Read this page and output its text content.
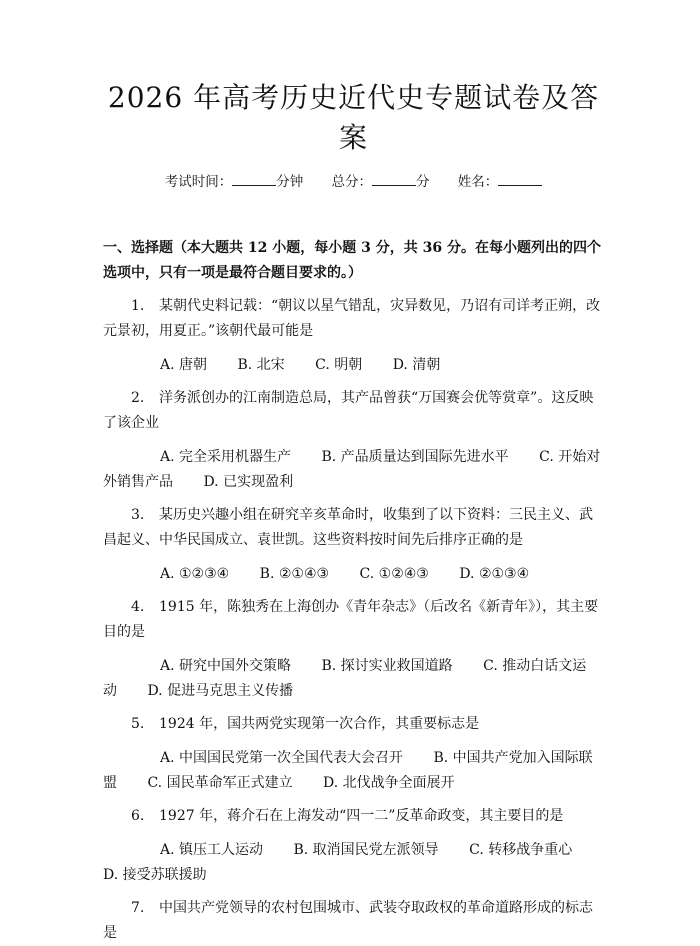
2026 年高考历史近代史专题试卷及答案
考试时间：	分钟 总分：	分 姓名：
一、选择题（本大题共 12 小题，每小题 3 分，共 36 分。在每小题列出的四个选项中，只有一项是最符合题目要求的。）
1. 某朝代史料记载：“朝议以星气错乱，灾异数见，乃诏有司详考正朔，改元景初，用夏正。”该朝代最可能是
A. 唐朝 B. 北宋 C. 明朝 D. 清朝
2. 洋务派创办的江南制造总局，其产品曾获“万国赛会优等赏章”。这反映了该企业
A. 完全采用机器生产 B. 产品质量达到国际先进水平 C. 开始对外销售产品 D. 已实现盈利
3. 某历史兴趣小组在研究辛亥革命时，收集到了以下资料：三民主义、武昌起义、中华民国成立、袁世凯。这些资料按时间先后排序正确的是
A. ①②③④ B. ②①④③ C. ①②④③ D. ②①③④
4. 1915 年，陈独秀在上海创办《青年杂志》（后改名《新青年》），其主要目的是
A. 研究中国外交策略 B. 探讨实业救国道路 C. 推动白话文运动 D. 促进马克思主义传播
5. 1924 年，国共两党实现第一次合作，其重要标志是
A. 中国国民党第一次全国代表大会召开 B. 中国共产党加入国际联盟 C. 国民革命军正式建立 D. 北伐战争全面展开
6. 1927 年，蒋介石在上海发动“四一二”反革命政变，其主要目的是
A. 镇压工人运动 B. 取消国民党左派领导 C. 转移战争重心 D. 接受苏联援助
7. 中国共产党领导的农村包围城市、武装夺取政权的革命道路形成的标志是
